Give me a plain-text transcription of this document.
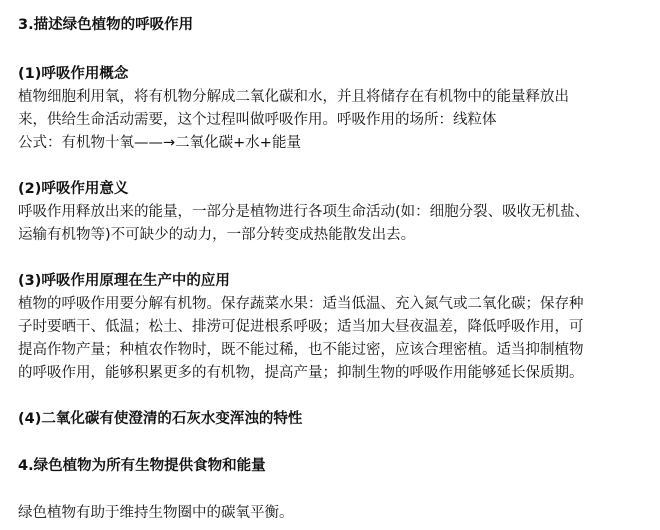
3.描述绿色植物的呼吸作用
(1)呼吸作用概念
植物细胞利用氧，将有机物分解成二氧化碳和水，并且将储存在有机物中的能量释放出
来，供给生命活动需要，这个过程叫做呼吸作用。呼吸作用的场所：线粒体
公式：有机物十氧——→二氧化碳+水+能量
(2)呼吸作用意义
呼吸作用释放出来的能量，一部分是植物进行各项生命活动(如：细胞分裂、吸收无机盐、
运输有机物等)不可缺少的动力，一部分转变成热能散发出去。
(3)呼吸作用原理在生产中的应用
植物的呼吸作用要分解有机物。保存蔬菜水果：适当低温、充入氮气或二氧化碳；保存种
子时要晒干、低温；松土、排涝可促进根系呼吸；适当加大昼夜温差，降低呼吸作用，可
提高作物产量；种植农作物时，既不能过稀，也不能过密，应该合理密植。适当抑制植物
的呼吸作用，能够积累更多的有机物，提高产量；抑制生物的呼吸作用能够延长保质期。
(4)二氧化碳有使澄清的石灰水变浑浊的特性
4.绿色植物为所有生物提供食物和能量
绿色植物有助于维持生物圈中的碳氧平衡。
